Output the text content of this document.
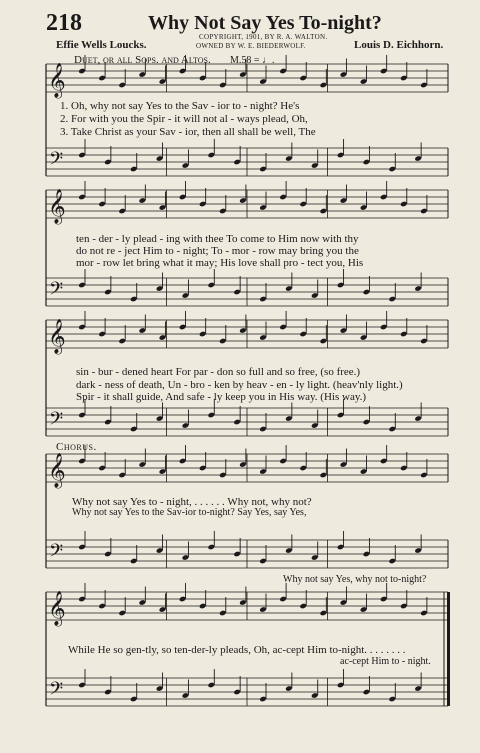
218	Why Not Say Yes To-night?
COPYRIGHT, 1901, BY R. A. WALTON.
OWNED BY W. E. BIEDERWOLF.
Effie Wells Loucks.	Louis D. Eichhorn.
Duet, or all Sops. and Altos. M.58 = ♩.
𝄞
𝄢
𝄞
𝄢
𝄞
𝄢
𝄞
𝄢
𝄞
𝄢
1. Oh, why not say Yes to the Sav - ior to - night? He's
2. For with you the Spir - it will not al - ways plead, Oh,
3. Take Christ as your Sav - ior, then all shall be well, The
ten - der - ly plead - ing with thee To come to Him now with thy
do not re - ject Him to - night; To - mor - row may bring you the
mor - row let bring what it may; His love shall pro - tect you, His
sin - bur - dened heart For par - don so full and so free, (so free.)
dark - ness of death, Un - bro - ken by heav - en - ly light. (heav'nly light.)
Spir - it shall guide, And safe - ly keep you in His way. (His way.)
Chorus.
Why not say Yes to - night, . . . . . . Why not, why not?
Why not say Yes to the Sav-ior to-night? Say Yes, say Yes,
Why not say Yes, why not to-night?
While He so gen-tly, so ten-der-ly pleads, Oh, ac-cept Him to-night. . . . . . . .
ac-cept Him to - night.
